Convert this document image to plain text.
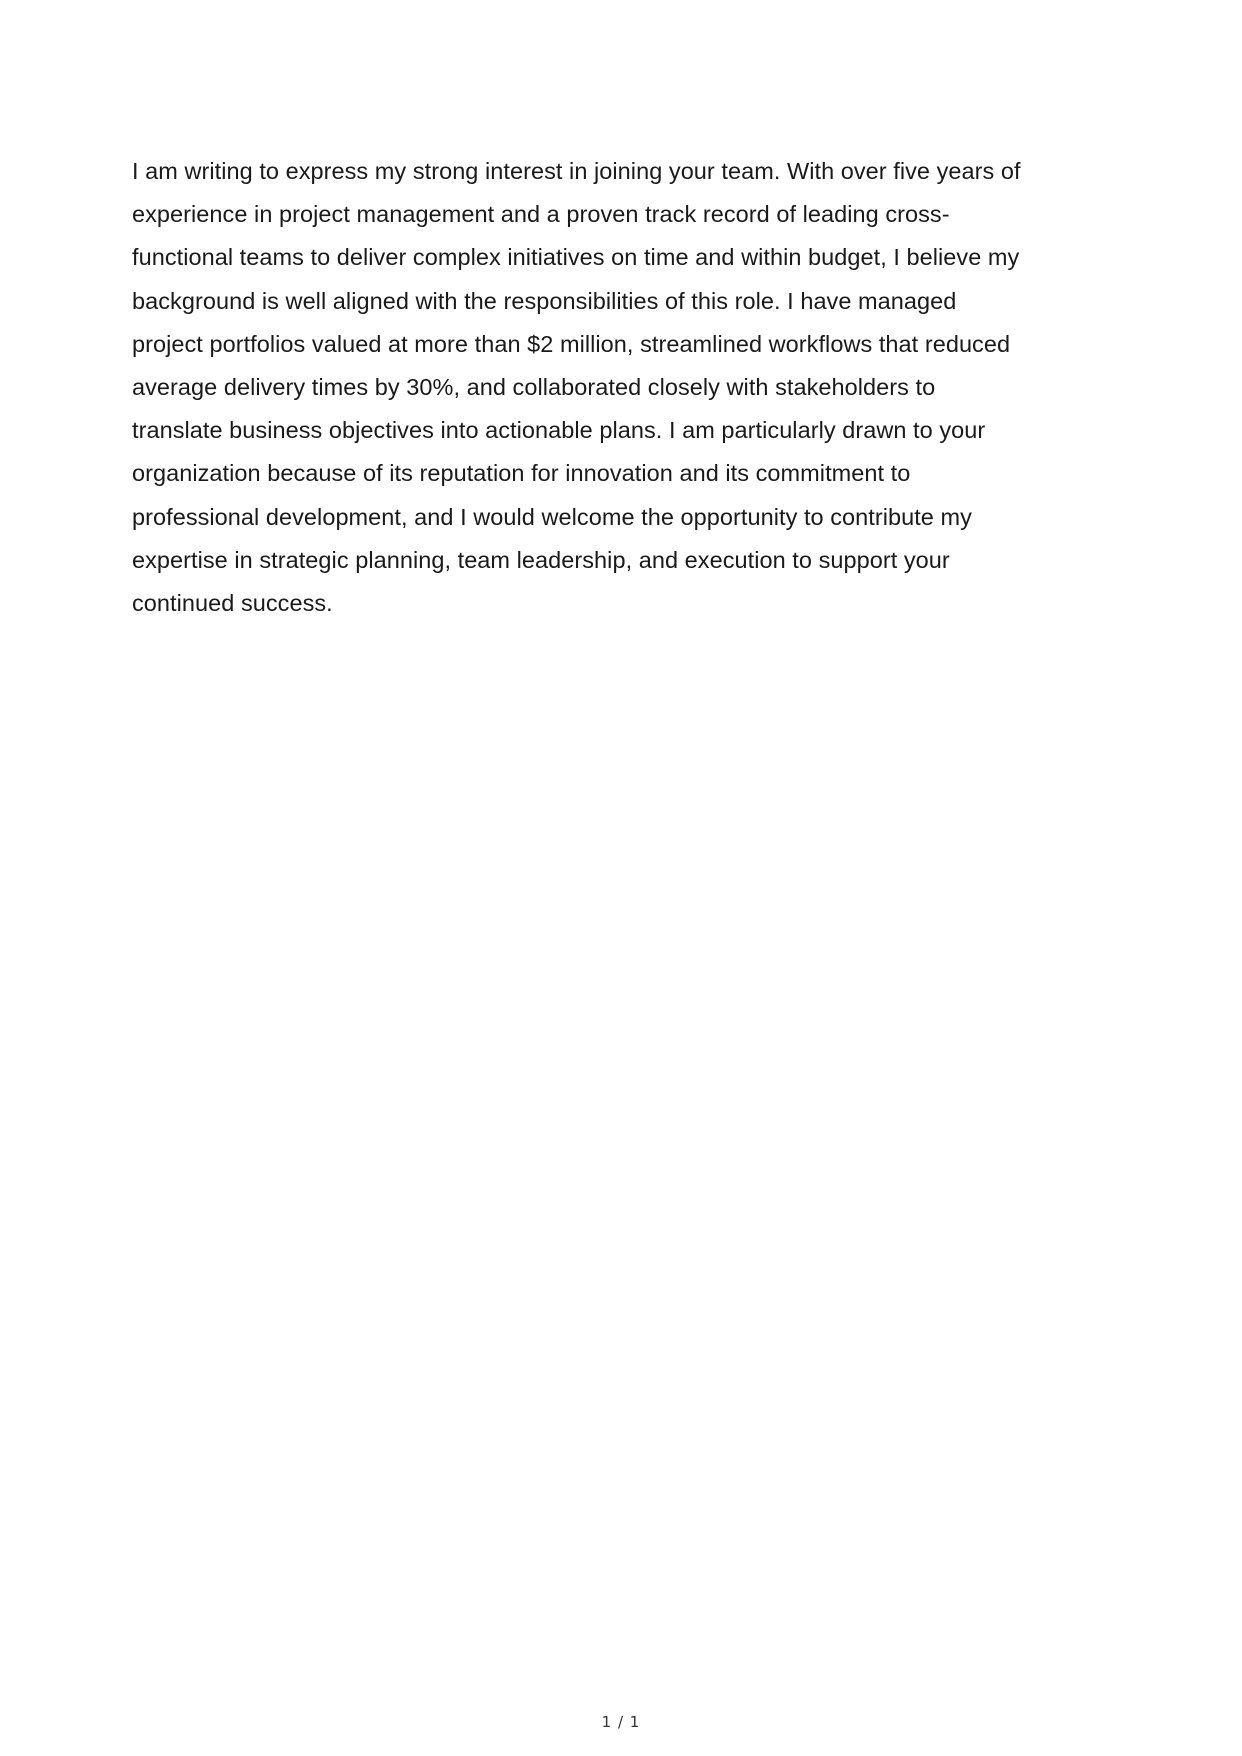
I am writing to express my strong interest in joining your team. With over five years of
experience in project management and a proven track record of leading cross-
functional teams to deliver complex initiatives on time and within budget, I believe my
background is well aligned with the responsibilities of this role. I have managed
project portfolios valued at more than $2 million, streamlined workflows that reduced
average delivery times by 30%, and collaborated closely with stakeholders to
translate business objectives into actionable plans. I am particularly drawn to your
organization because of its reputation for innovation and its commitment to
professional development, and I would welcome the opportunity to contribute my
expertise in strategic planning, team leadership, and execution to support your
continued success.

1 / 1
